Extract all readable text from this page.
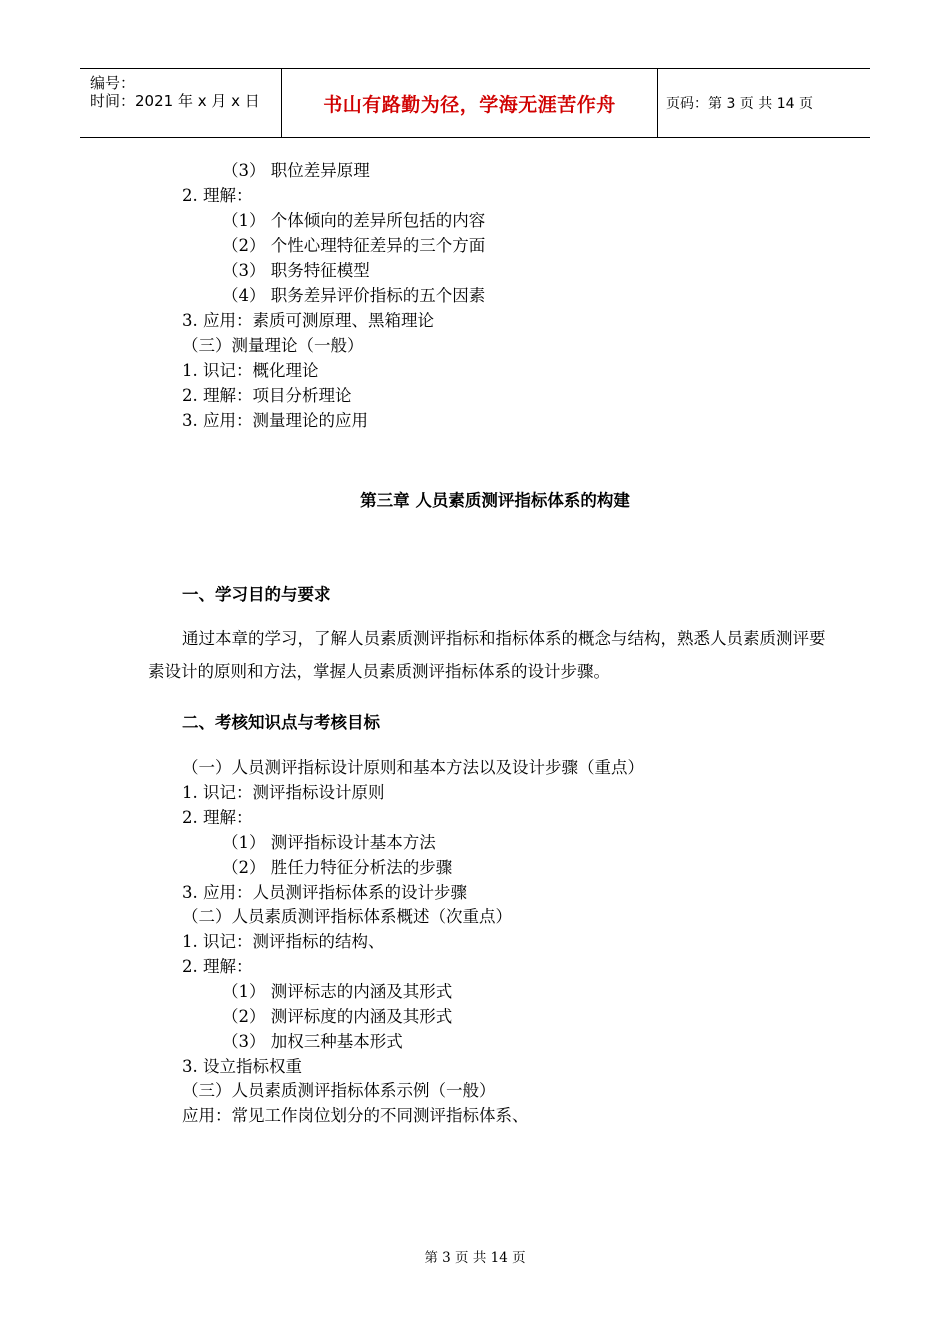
编号：
时间：2021 年 x 月 x 日	书山有路勤为径，学海无涯苦作舟	页码：第 3 页 共 14 页
（3） 职位差异原理
2. 理解：
（1） 个体倾向的差异所包括的内容
（2） 个性心理特征差异的三个方面
（3） 职务特征模型
（4） 职务差异评价指标的五个因素
3. 应用：素质可测原理、黑箱理论
（三）测量理论（一般）
1. 识记：概化理论
2. 理解：项目分析理论
3. 应用：测量理论的应用
第三章 人员素质测评指标体系的构建
一、学习目的与要求
通过本章的学习，了解人员素质测评指标和指标体系的概念与结构，熟悉人员素质测评要素设计的原则和方法，掌握人员素质测评指标体系的设计步骤。
二、考核知识点与考核目标
（一）人员测评指标设计原则和基本方法以及设计步骤（重点）
1. 识记：测评指标设计原则
2. 理解：
（1） 测评指标设计基本方法
（2） 胜任力特征分析法的步骤
3. 应用：人员测评指标体系的设计步骤
（二）人员素质测评指标体系概述（次重点）
1. 识记：测评指标的结构、
2. 理解：
（1） 测评标志的内涵及其形式
（2） 测评标度的内涵及其形式
（3） 加权三种基本形式
3. 设立指标权重
（三）人员素质测评指标体系示例（一般）
应用：常见工作岗位划分的不同测评指标体系、
第 3 页 共 14 页
